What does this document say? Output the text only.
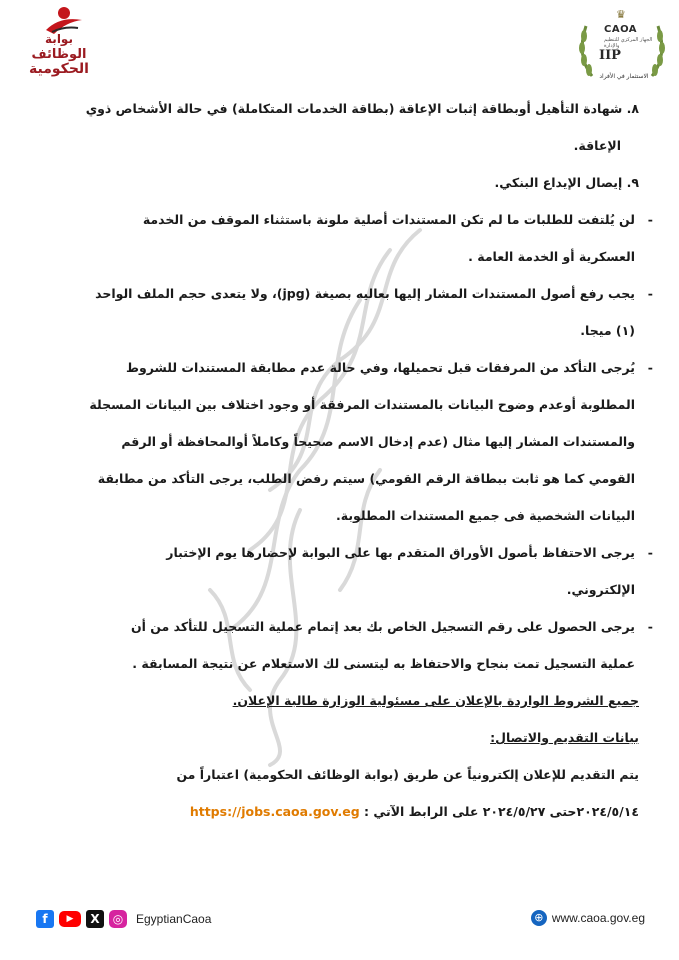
بوابة
الوظائف
الحكومية
♛
CAOA
الجهاز المركزي للتنظيم والإدارة
IIP
الاستثمار في الأفراد

٨. شهادة التأهيل أوبطاقة إثبات الإعاقة (بطاقة الخدمات المتكاملة) في حالة الأشخاص ذوي

الإعاقة.

٩. إيصال الإيداع البنكي.

-
لن يُلتفت للطلبات ما لم تكن المستندات أصلية ملونة باستثناء الموقف من الخدمة
العسكرية أو الخدمة العامة .
-
يجب رفع أصول المستندات المشار إليها بعاليه بصيغة (jpg)، ولا يتعدى حجم الملف الواحد
(١) ميجا.
-
يُرجى التأكد من المرفقات قبل تحميلها، وفي حالة عدم مطابقة المستندات للشروط
المطلوبة أوعدم وضوح البيانات بالمستندات المرفقة أو وجود اختلاف بين البيانات المسجلة
والمستندات المشار إليها مثال (عدم إدخال الاسم صحيحاً وكاملاً أوالمحافظة أو الرقم
القومي كما هو ثابت ببطاقة الرقم القومي) سيتم رفض الطلب، يرجى التأكد من مطابقة
البيانات الشخصية فى جميع المستندات المطلوبة.
-
يرجى الاحتفاظ بأصول الأوراق المتقدم بها على البوابة لإحضارها يوم الإختبار
الإلكتروني.
-
يرجى الحصول على رقم التسجيل الخاص بك بعد إتمام عملية التسجيل للتأكد من أن
عملية التسجيل تمت بنجاح والاحتفاظ به ليتسنى لك الاستعلام عن نتيجة المسابقة .

جميع الشروط الواردة بالإعلان على مسئولية الوزارة طالبة الإعلان.

بيانات التقديم والاتصال:

يتم التقديم للإعلان إلكترونياً عن طريق (بوابة الوظائف الحكومية) اعتباراً من

٢٠٢٤/٥/١٤حتى ٢٠٢٤/٥/٢٧ على الرابط الآتي : https://jobs.caoa.gov.eg

f	▶	X	◎	EgyptianCaoa	⊕ www.caoa.gov.eg
